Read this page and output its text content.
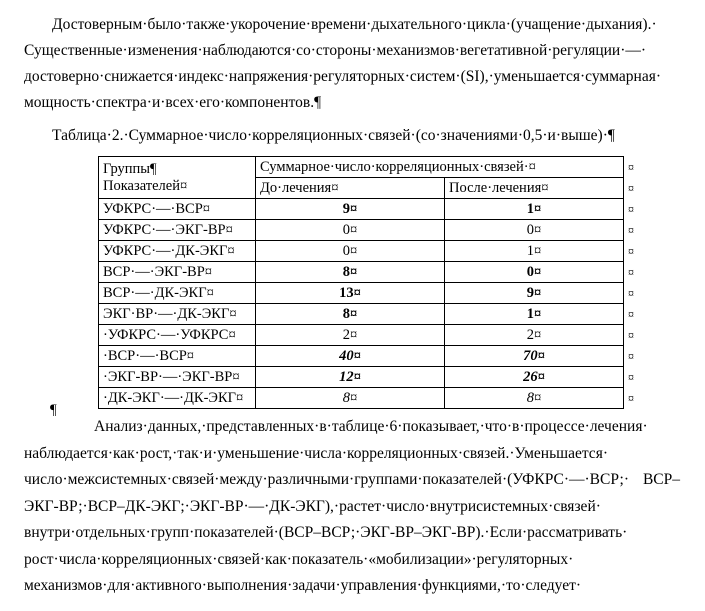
Достоверным·было·также·укорочение·времени·дыхательного·цикла·(учащение·дыхания).· Существенные·изменения·наблюдаются·со·стороны·механизмов·вегетативной·регуляции·—· достоверно·снижается·индекс·напряжения·регуляторных·систем·(SI),·уменьшается·суммарная· мощность·спектра·и·всех·его·компонентов.¶

Таблица·2.·Суммарное·число·корреляционных·связей·(со·значениями·0,5·и·выше)·¶
Группы¶
Показателей¤	Суммарное·число·корреляционных·связей·¤	
	До·лечения¤	После·лечения¤
УФКРС·—·ВСР¤	9¤	1¤
УФКРС·—·ЭКГ-ВР¤	0¤	0¤
УФКРС·—·ДК-ЭКГ¤	0¤	1¤
ВСР·—·ЭКГ-ВР¤	8¤	0¤
ВСР·—·ДК-ЭКГ¤	13¤	9¤
ЭКГ·ВР·—·ДК-ЭКГ¤	8¤	1¤
·УФКРС·—·УФКРС¤	2¤	2¤
·ВСР·—·ВСР¤	40¤	70¤
·ЭКГ-ВР·—·ЭКГ-ВР¤	12¤	26¤
·ДК-ЭКГ·—·ДК-ЭКГ¤	8¤	8¤
¤
¤
¤
¤
¤
¤
¤
¤
¤
¤
¤
¤
¶

Анализ·данных,·представленных·в·таблице·6·показывает,·что·в·процессе·лечения· наблюдается·как·рост,·так·и·уменьшение·числа·корреляционных·связей.·Уменьшается· число·межсистемных·связей·между·различными·группами·показателей·(УФКРС·—·ВСР;· ВСР–ЭКГ-ВР;·ВСР–ДК-ЭКГ;·ЭКГ-ВР·—·ДК-ЭКГ),·растет·число·внутрисистемных·связей· внутри·отдельных·групп·показателей·(ВСР–ВСР;·ЭКГ-ВР–ЭКГ-ВР).·Если·рассматривать· рост·числа·корреляционных·связей·как·показатель·«мобилизации»·регуляторных· механизмов·для·активного·выполнения·задачи·управления·функциями,·то·следует·
